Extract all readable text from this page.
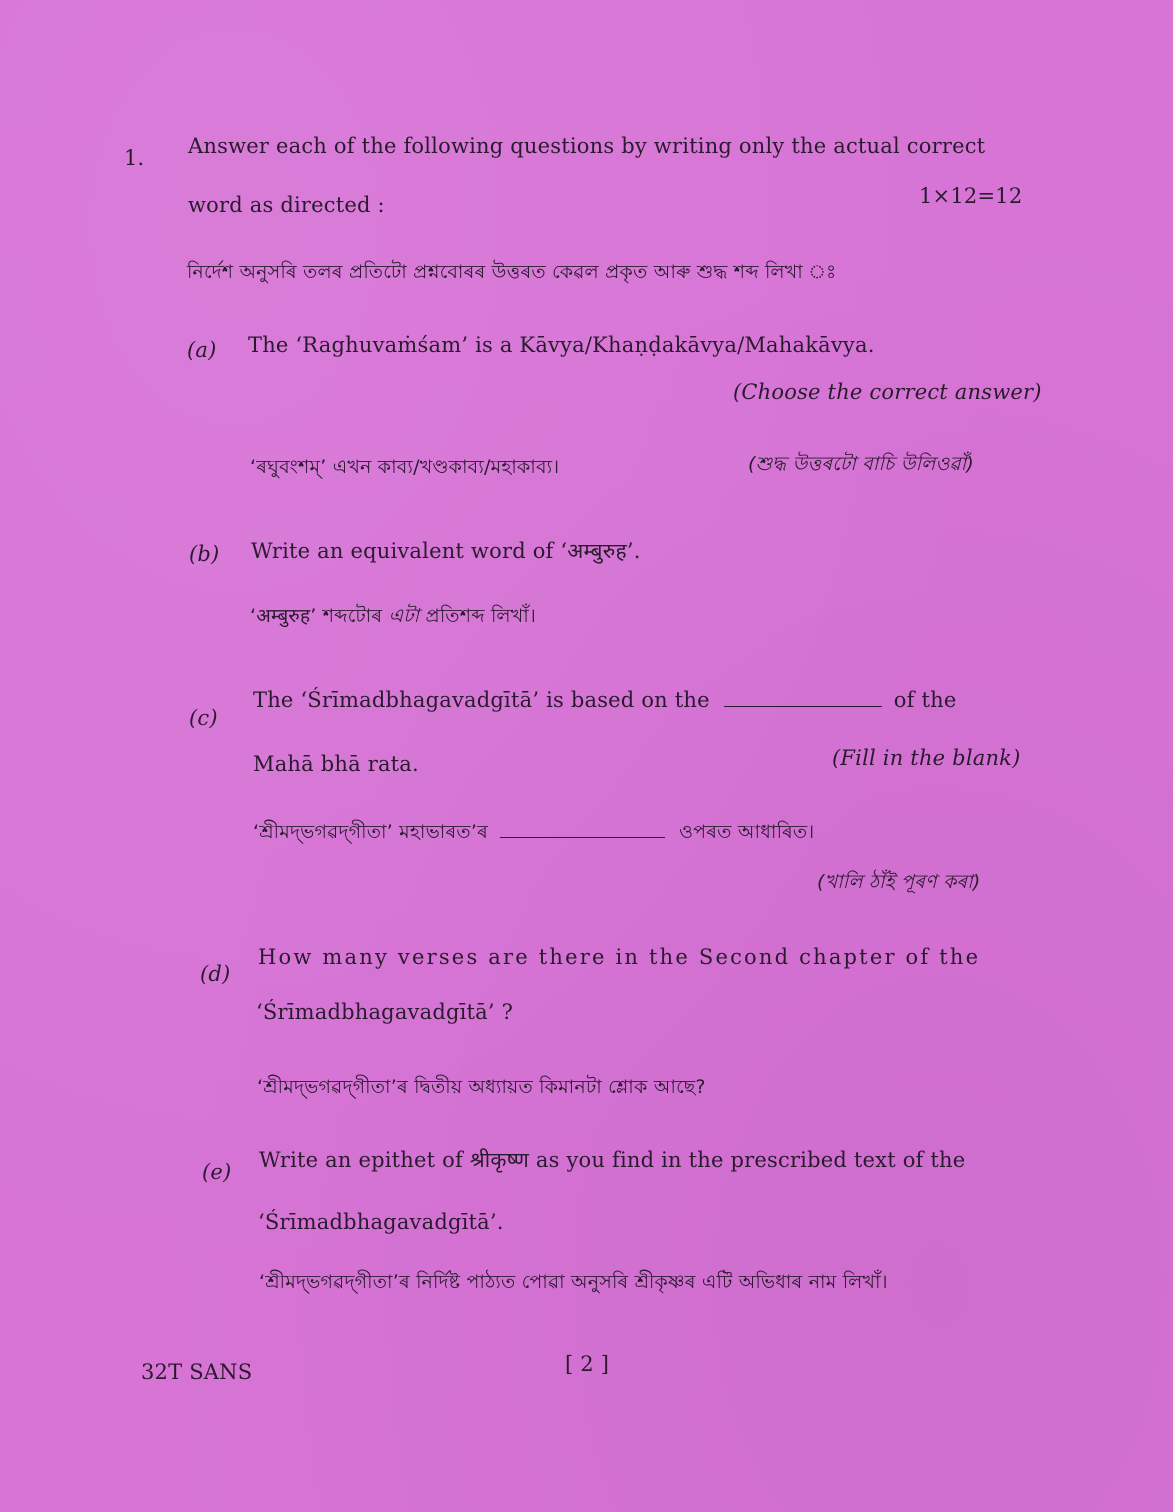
1. Answer each of the following questions by writing only the actual correct
word as directed :	1×12=12
নিৰ্দেশ অনুসৰি তলৰ প্ৰতিটো প্ৰশ্নবোৰৰ উত্তৰত কেৱল প্ৰকৃত আৰু শুদ্ধ শব্দ লিখা ঃ
(a) The ‘Raghuvaṁśam’ is a Kāvya/Khaṇḍakāvya/Mahakāvya.
(Choose the correct answer)
‘ৰঘুবংশম্’ এখন কাব্য/খণ্ডকাব্য/মহাকাব্য।	(শুদ্ধ উত্তৰটো বাচি উলিওৱাঁ)
(b) Write an equivalent word of ‘अम्बुरुह’.
‘अम्बुरुह’ শব্দটোৰ এটা প্ৰতিশব্দ লিখাঁ।
(c)
The ‘Śrīmadbhagavadgītā’ is based on the	of the
Mahā bhā rata.	(Fill in the blank)
‘শ্ৰীমদ্‌ভগৱদ্‌গীতা’ মহাভাৰত’ৰ	ওপৰত আধাৰিত।
(খালি ঠাঁই পূৰণ কৰা)
(d)
How many verses are there in the Second chapter of the
‘Śrīmadbhagavadgītā’ ?
‘শ্ৰীমদ্‌ভগৱদ্‌গীতা’ৰ দ্বিতীয় অধ্যায়ত কিমানটা শ্লোক আছে?
(e) Write an epithet of श्रीकृष्ण as you find in the prescribed text of the
‘Śrīmadbhagavadgītā’.
‘শ্ৰীমদ্‌ভগৱদ্‌গীতা’ৰ নিৰ্দিষ্ট পাঠ্যত পোৱা অনুসৰি শ্ৰীকৃষ্ণৰ এটি অভিধাৰ নাম লিখাঁ।
32T SANS	[ 2 ]
